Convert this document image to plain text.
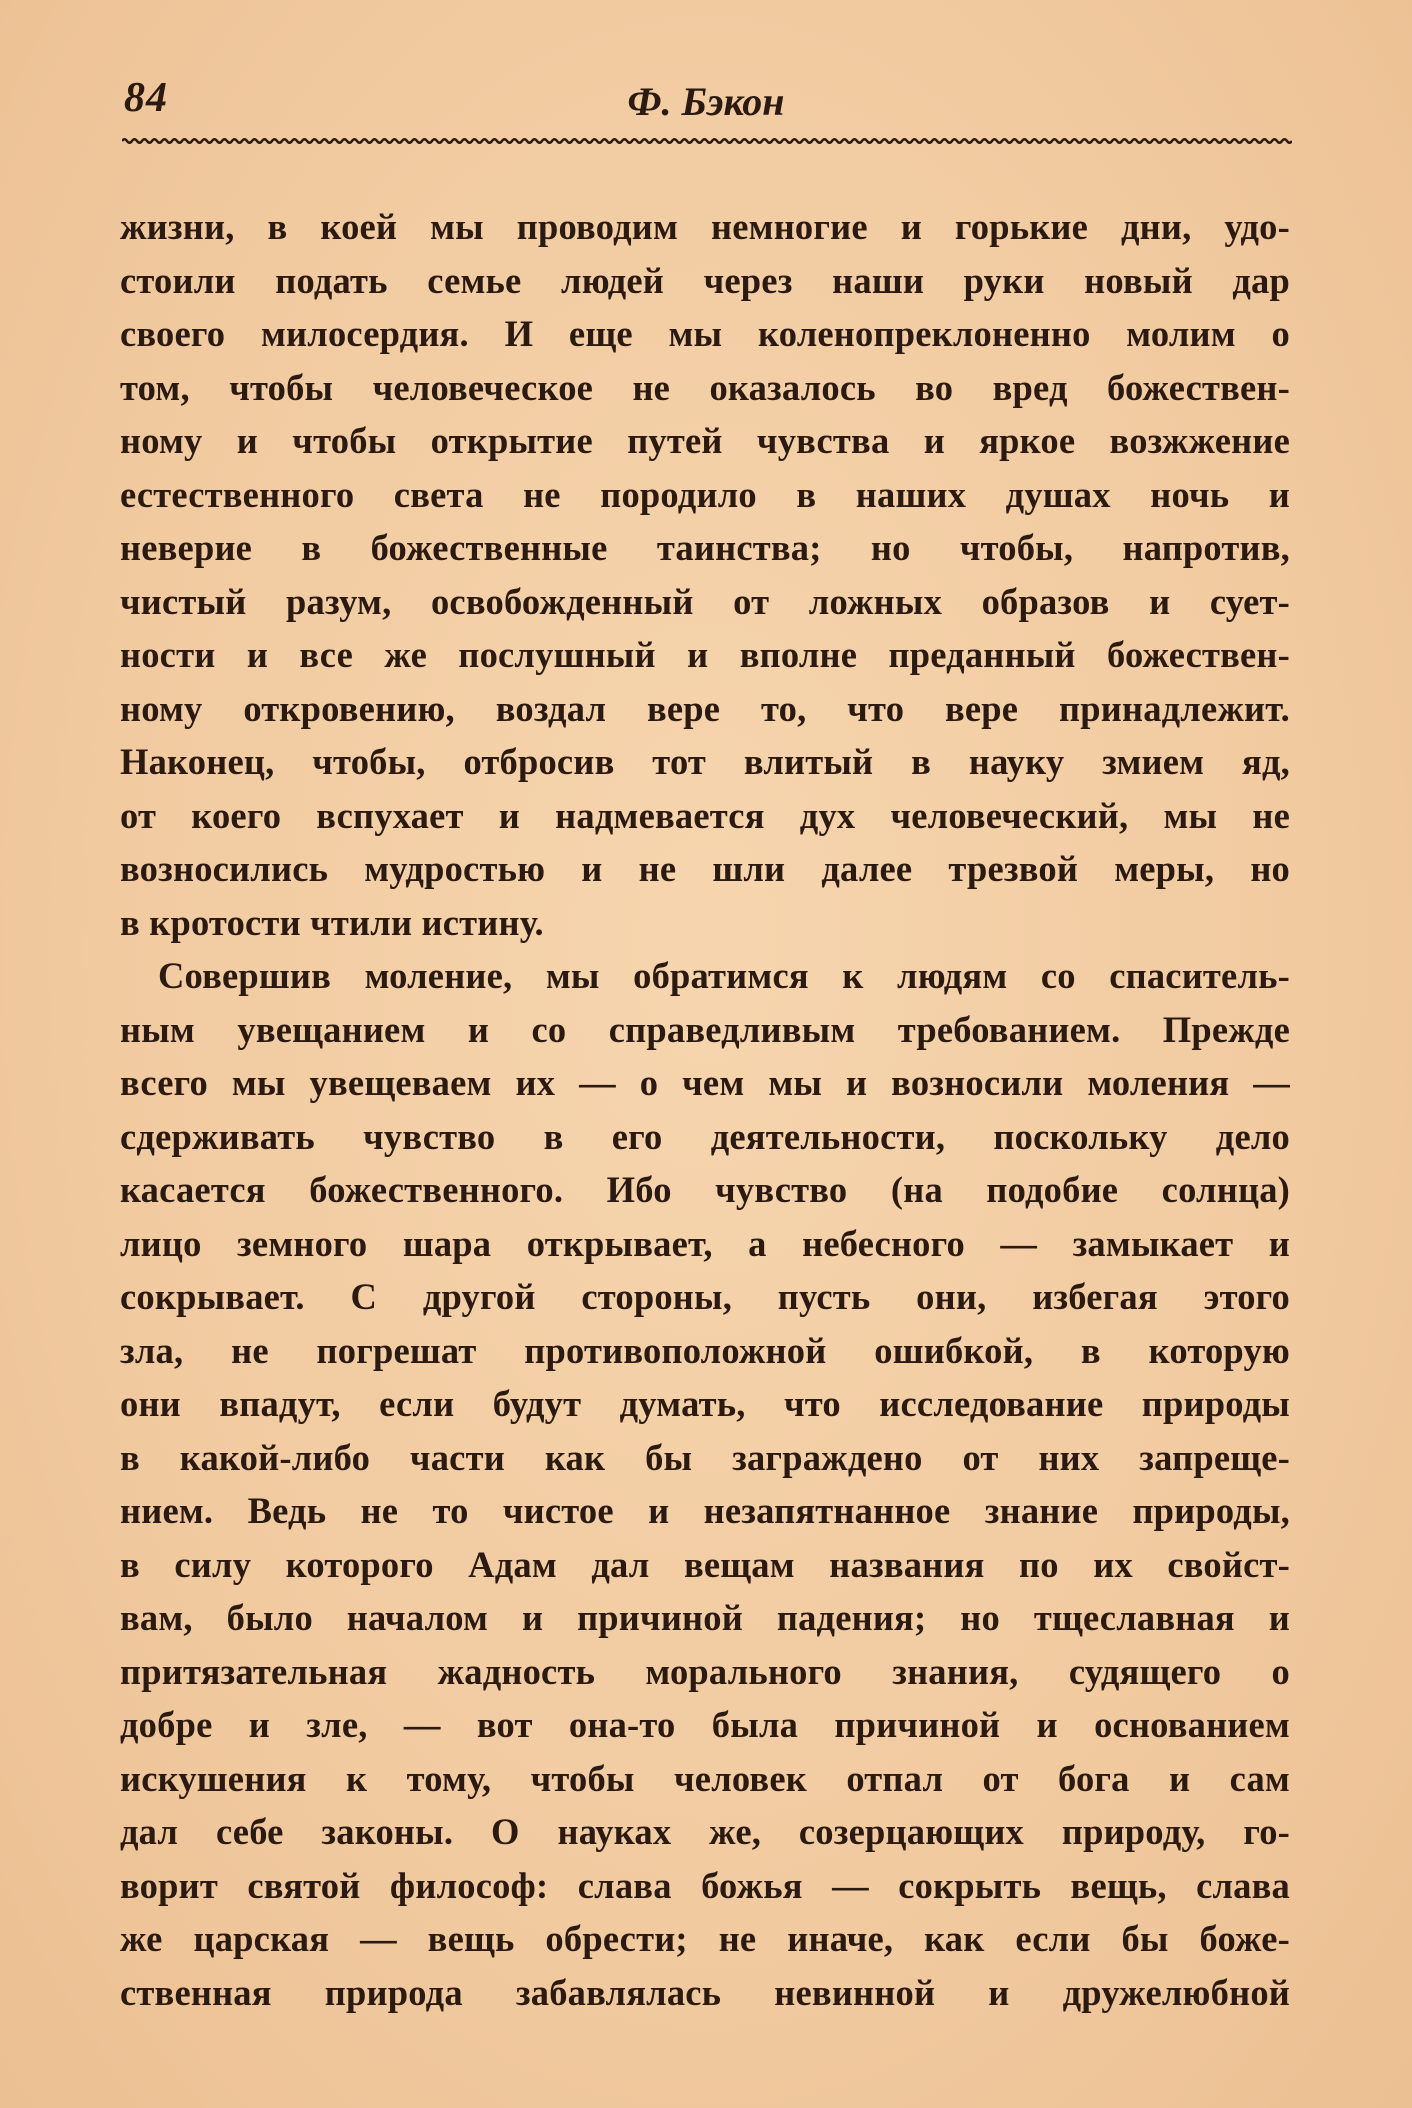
84	Ф. Бэкон
жизни, в коей мы проводим немногие и горькие дни, удо-
стоили подать семье людей через наши руки новый дар
своего милосердия. И еще мы коленопреклоненно молим о
том, чтобы человеческое не оказалось во вред божествен-
ному и чтобы открытие путей чувства и яркое возжжение
естественного света не породило в наших душах ночь и
неверие в божественные таинства; но чтобы, напротив,
чистый разум, освобожденный от ложных образов и сует-
ности и все же послушный и вполне преданный божествен-
ному откровению, воздал вере то, что вере принадлежит.
Наконец, чтобы, отбросив тот влитый в науку змием яд,
от коего вспухает и надмевается дух человеческий, мы не
возносились мудростью и не шли далее трезвой меры, но
в кротости чтили истину.
Совершив моление, мы обратимся к людям со спаситель-
ным увещанием и со справедливым требованием. Прежде
всего мы увещеваем их — о чем мы и возносили моления —
сдерживать чувство в его деятельности, поскольку дело
касается божественного. Ибо чувство (на подобие солнца)
лицо земного шара открывает, а небесного — замыкает и
сокрывает. С другой стороны, пусть они, избегая этого
зла, не погрешат противоположной ошибкой, в которую
они впадут, если будут думать, что исследование природы
в какой-либо части как бы заграждено от них запреще-
нием. Ведь не то чистое и незапятнанное знание природы,
в силу которого Адам дал вещам названия по их свойст-
вам, было началом и причиной падения; но тщеславная и
притязательная жадность морального знания, судящего о
добре и зле, — вот она-то была причиной и основанием
искушения к тому, чтобы человек отпал от бога и сам
дал себе законы. О науках же, созерцающих природу, го-
ворит святой философ: слава божья — сокрыть вещь, слава
же царская — вещь обрести; не иначе, как если бы боже-
ственная природа забавлялась невинной и дружелюбной
